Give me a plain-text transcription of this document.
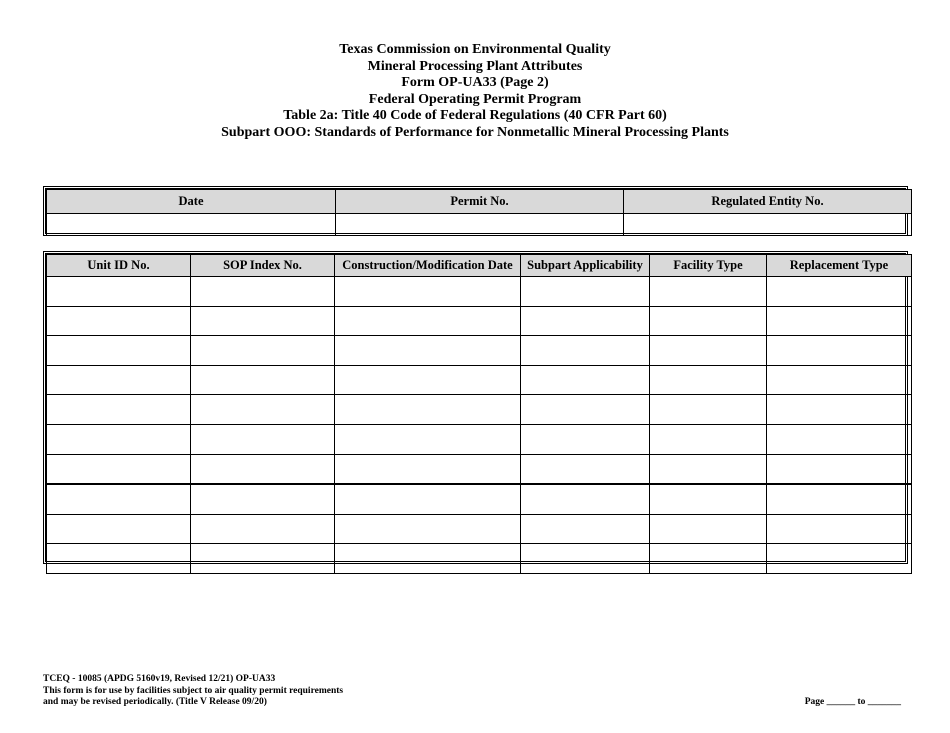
Texas Commission on Environmental Quality
Mineral Processing Plant Attributes
Form OP-UA33 (Page 2)
Federal Operating Permit Program
Table 2a: Title 40 Code of Federal Regulations (40 CFR Part 60)
Subpart OOO: Standards of Performance for Nonmetallic Mineral Processing Plants
Date	Permit No.	Regulated Entity No.

Unit ID No.	SOP Index No.	Construction/Modification Date	Subpart Applicability	Facility Type	Replacement Type

TCEQ - 10085 (APDG 5160v19, Revised 12/21) OP-UA33
This form is for use by facilities subject to air quality permit requirements
and may be revised periodically. (Title V Release 09/20)	Page ______ to _______
